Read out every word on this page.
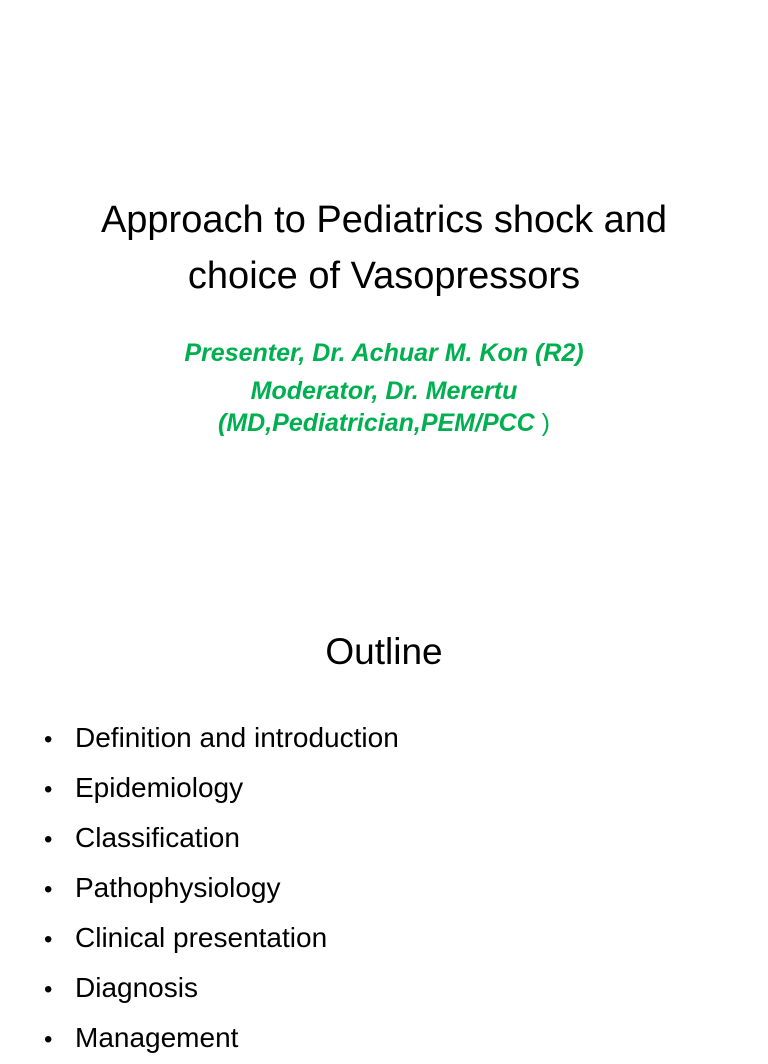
Approach to Pediatrics shock and
choice of Vasopressors
Presenter, Dr. Achuar M. Kon (R2)
Moderator, Dr. Merertu
(MD,Pediatrician,PEM/PCC )
Outline
• Definition and introduction
• Epidemiology
• Classification
• Pathophysiology
• Clinical presentation
• Diagnosis
• Management
